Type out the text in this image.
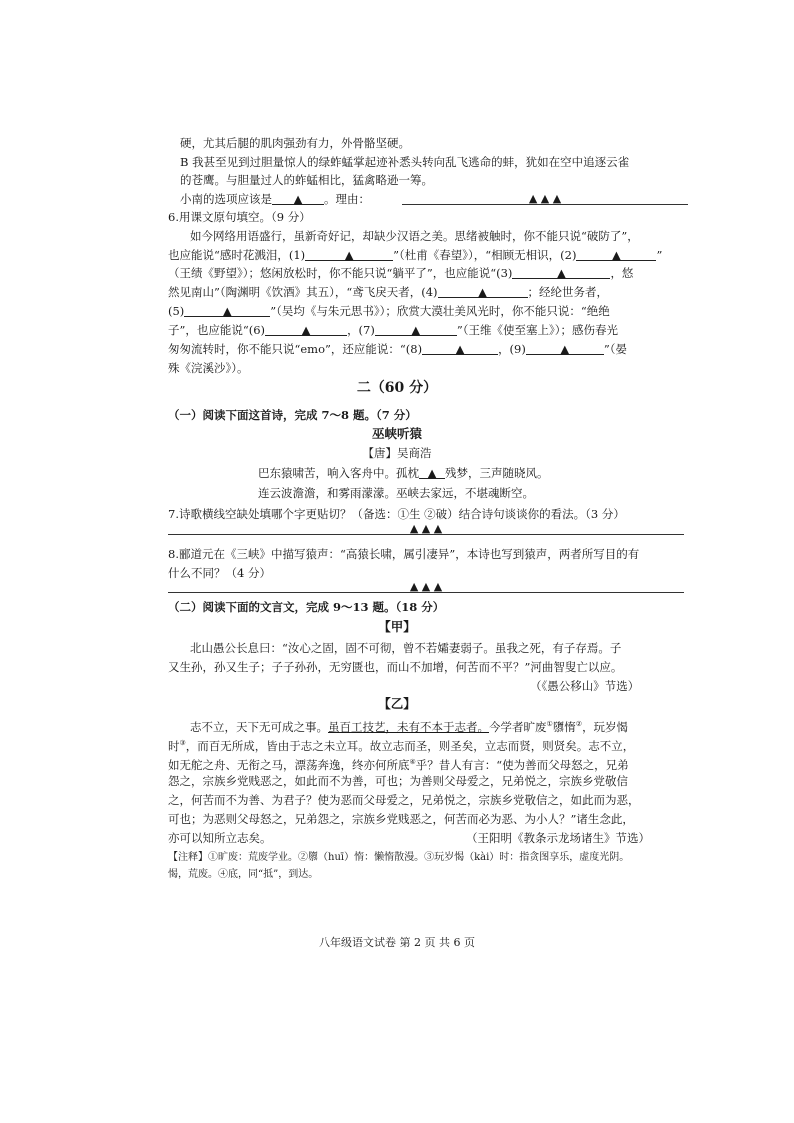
硬，尤其后腿的肌肉强劲有力，外骨骼坚硬。
B 我甚至见到过胆量惊人的绿蚱蜢掌起迹补悉头转向乱飞逃命的蚌，犹如在空中追逐云雀
的苍鹰。与胆量过人的蚱蜢相比，猛禽略逊一筹。
小南的选项应该是 ▲ 。理由：	▲ ▲ ▲
6.用课文原句填空。（9 分）
如今网络用语盛行，虽新奇好记，却缺少汉语之美。思绪被触时，你不能只说“破防了”，
也应能说“感时花溅泪，(1)	▲	”（杜甫《春望》），“相顾无相识，(2)	▲	”
（王绩《野望》）；悠闲放松时，你不能只说“躺平了”，也应能说“(3)	▲	，悠
然见南山”（陶渊明《饮酒》其五），“鸢飞戾天者，(4)	▲	；经纶世务者，
(5)	▲	”（吴均《与朱元思书》）；欣赏大漠壮美风光时，你不能只说：“绝绝
子”，也应能说“(6)	▲	，(7)	▲	”（王维《使至塞上》）；感伤春光
匆匆流转时，你不能只说“emo”，还应能说：“(8)	▲	，(9)	▲	”（晏
殊《浣溪沙》）。
二（60 分）
（一）阅读下面这首诗，完成 7～8 题。（7 分）
巫峡听猿
【唐】吴商浩
巴东猿啸苦，响入客舟中。孤枕 ▲ 残梦，三声随晓风。
连云波澹澹，和雾雨濛濛。巫峡去家远，不堪魂断空。
7.诗歌横线空缺处填哪个字更贴切？（备选：①生 ②破）结合诗句谈谈你的看法。（3 分）
▲ ▲ ▲
8.郦道元在《三峡》中描写猿声：“高猿长啸，属引凄异”，本诗也写到猿声，两者所写目的有
什么不同？（4 分）
▲ ▲ ▲
（二）阅读下面的文言文，完成 9～13 题。（18 分）
【甲】
北山愚公长息曰：“汝心之固，固不可彻，曾不若孀妻弱子。虽我之死，有子存焉。子
又生孙，孙又生子；子子孙孙，无穷匮也，而山不加增，何苦而不平？”河曲智叟亡以应。
（《愚公移山》节选）
【乙】
志不立，天下无可成之事。虽百工技艺，未有不本于志者。今学者旷废①隳惰②，玩岁愒
时③，而百无所成，皆由于志之未立耳。故立志而圣，则圣矣，立志而贤，则贤矣。志不立，
如无舵之舟、无衔之马，漂荡奔逸，终亦何所底④乎？昔人有言：“使为善而父母怒之，兄弟
怨之，宗族乡党贱恶之，如此而不为善，可也；为善则父母爱之，兄弟悦之，宗族乡党敬信
之，何苦而不为善、为君子？使为恶而父母爱之，兄弟悦之，宗族乡党敬信之，如此而为恶，
可也；为恶则父母怒之，兄弟怨之，宗族乡党贱恶之，何苦而必为恶、为小人？”诸生念此，
亦可以知所立志矣。	（王阳明《教条示龙场诸生》节选）
【注释】①旷废：荒废学业。②隳（huī）惰：懒惰散漫。③玩岁愒（kài）时：指贪图享乐，虚度光阴。
愒，荒废。④底，同“抵”，到达。
八年级语文试卷 第 2 页 共 6 页
